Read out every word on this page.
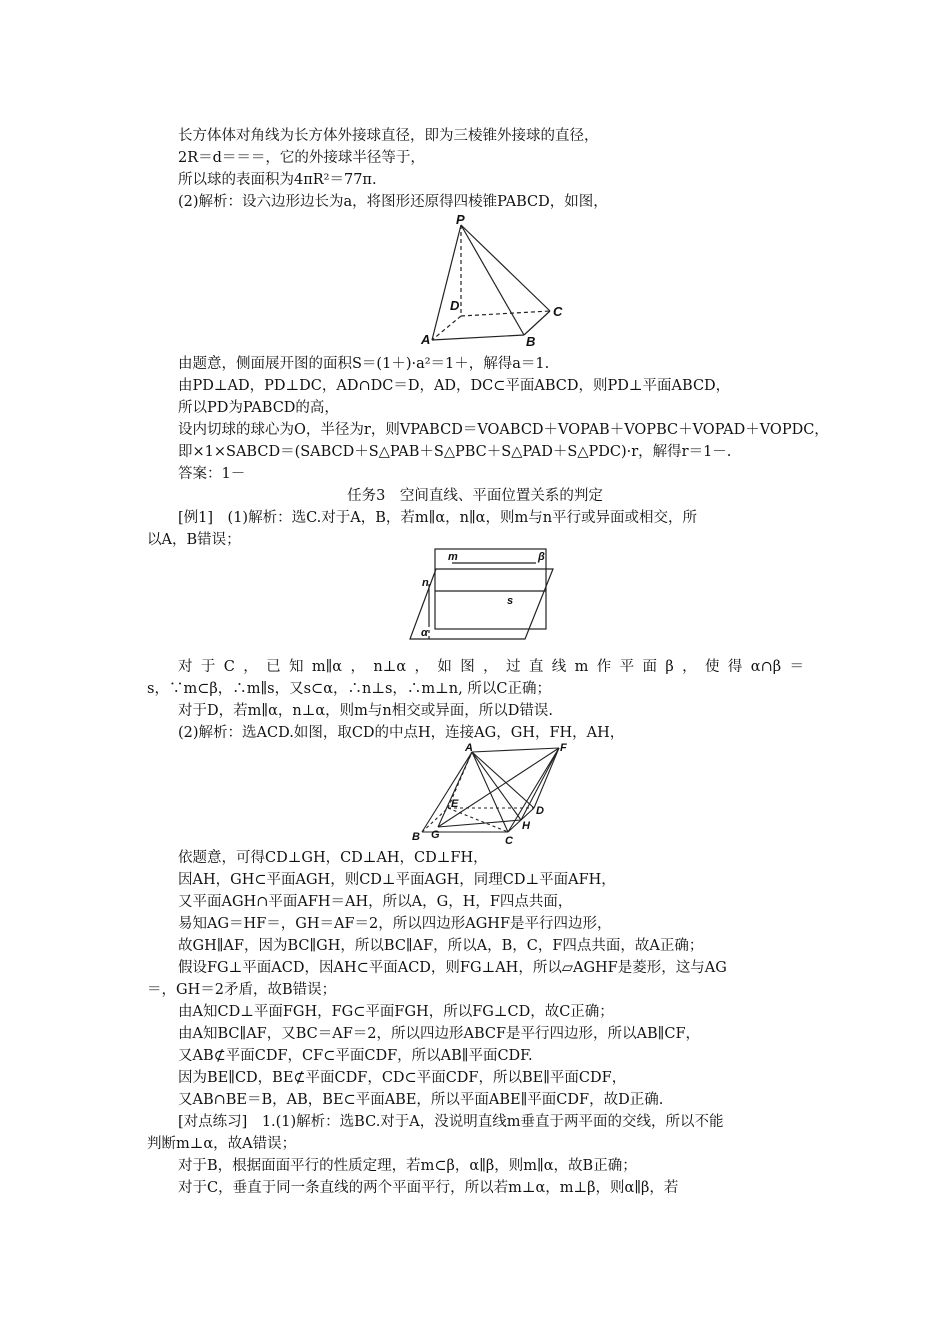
长方体体对角线为长方体外接球直径，即为三棱锥外接球的直径，
2R＝d＝＝＝，它的外接球半径等于，
所以球的表面积为4πR²＝77π.
(2)解析：设六边形边长为a，将图形还原得四棱锥PABCD，如图，
P
D	C
A	B
由题意，侧面展开图的面积S＝(1＋)·a²＝1＋，解得a＝1.
由PD⊥AD，PD⊥DC，AD∩DC＝D，AD，DC⊂平面ABCD，则PD⊥平面ABCD，
所以PD为PABCD的高，
设内切球的球心为O，半径为r，则VPABCD＝VOABCD＋VOPAB＋VOPBC＋VOPAD＋VOPDC，
即×1×SABCD＝(SABCD＋S△PAB＋S△PBC＋S△PAD＋S△PDC)·r，解得r＝1－.
答案：1－
任务3　空间直线、平面位置关系的判定
[例1]　(1)解析：选C.对于A，B，若m∥α，n∥α，则m与n平行或异面或相交，所
以A，B错误；
m	β
n
s
α
对于C，已知m∥α，n⊥α，如图，过直线m作平面β，使得α∩β＝
s，∵m⊂β，∴m∥s，又s⊂α，∴n⊥s，∴m⊥n, 所以C正确；
对于D，若m∥α，n⊥α，则m与n相交或异面，所以D错误.
(2)解析：选ACD.如图，取CD的中点H，连接AG，GH，FH，AH，
A	F
E
D
H
B G	C
依题意，可得CD⊥GH，CD⊥AH，CD⊥FH，
因AH，GH⊂平面AGH，则CD⊥平面AGH，同理CD⊥平面AFH，
又平面AGH∩平面AFH＝AH，所以A，G，H，F四点共面，
易知AG＝HF＝，GH＝AF＝2，所以四边形AGHF是平行四边形，
故GH∥AF，因为BC∥GH，所以BC∥AF，所以A，B，C，F四点共面，故A正确；
假设FG⊥平面ACD，因AH⊂平面ACD，则FG⊥AH，所以▱AGHF是菱形，这与AG
＝，GH＝2矛盾，故B错误；
由A知CD⊥平面FGH，FG⊂平面FGH，所以FG⊥CD，故C正确；
由A知BC∥AF，又BC＝AF＝2，所以四边形ABCF是平行四边形，所以AB∥CF，
又AB⊄平面CDF，CF⊂平面CDF，所以AB∥平面CDF.
因为BE∥CD，BE⊄平面CDF，CD⊂平面CDF，所以BE∥平面CDF，
又AB∩BE＝B，AB，BE⊂平面ABE，所以平面ABE∥平面CDF，故D正确.
[对点练习]　1.(1)解析：选BC.对于A，没说明直线m垂直于两平面的交线，所以不能
判断m⊥α，故A错误；
对于B，根据面面平行的性质定理，若m⊂β，α∥β，则m∥α，故B正确；
对于C，垂直于同一条直线的两个平面平行，所以若m⊥α，m⊥β，则α∥β，若
